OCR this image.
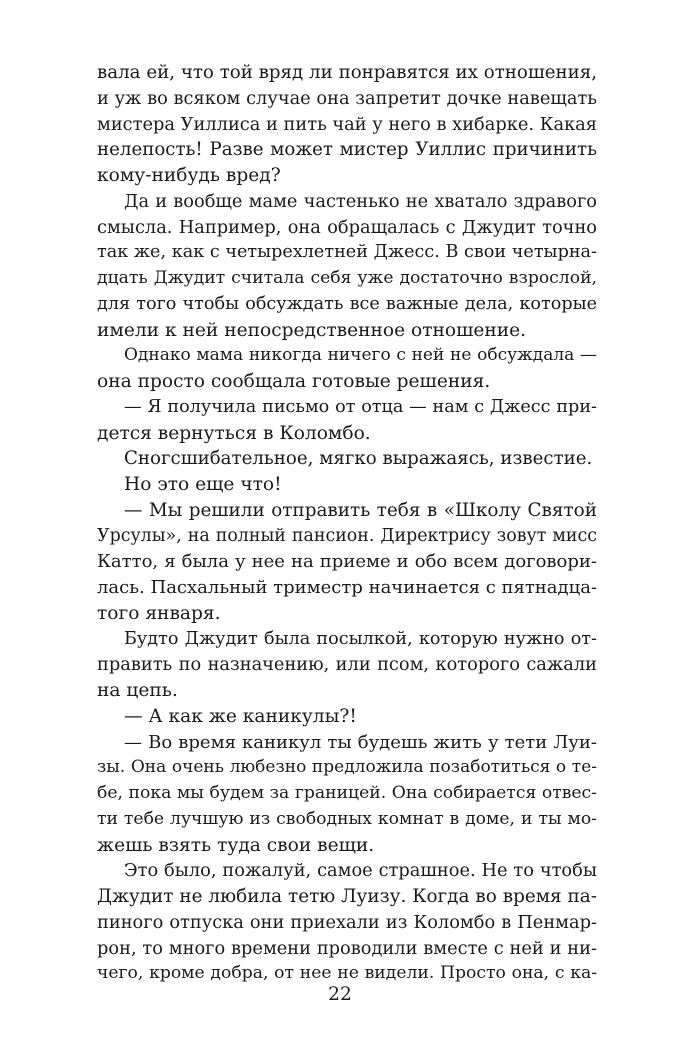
вала ей, что той вряд ли понравятся их отношения,
и уж во всяком случае она запретит дочке навещать
мистера Уиллиса и пить чай у него в хибарке. Какая
нелепость! Разве может мистер Уиллис причинить
кому-нибудь вред?
Да и вообще маме частенько не хватало здравого
смысла. Например, она обращалась с Джудит точно
так же, как с четырехлетней Джесс. В свои четырна-
дцать Джудит считала себя уже достаточно взрослой,
для того чтобы обсуждать все важные дела, которые
имели к ней непосредственное отношение.
Однако мама никогда ничего с ней не обсуждала —
она просто сообщала готовые решения.
— Я получила письмо от отца — нам с Джесс при-
дется вернуться в Коломбо.
Сногсшибательное, мягко выражаясь, известие.
Но это еще что!
— Мы решили отправить тебя в «Школу Святой
Урсулы», на полный пансион. Директрису зовут мисс
Катто, я была у нее на приеме и обо всем договори-
лась. Пасхальный триместр начинается с пятнадца-
того января.
Будто Джудит была посылкой, которую нужно от-
править по назначению, или псом, которого сажали
на цепь.
— А как же каникулы?!
— Во время каникул ты будешь жить у тети Луи-
зы. Она очень любезно предложила позаботиться о те-
бе, пока мы будем за границей. Она собирается отвес-
ти тебе лучшую из свободных комнат в доме, и ты мо-
жешь взять туда свои вещи.
Это было, пожалуй, самое страшное. Не то чтобы
Джудит не любила тетю Луизу. Когда во время па-
пиного отпуска они приехали из Коломбо в Пенмар-
рон, то много времени проводили вместе с ней и ни-
чего, кроме добра, от нее не видели. Просто она, с ка-
22
